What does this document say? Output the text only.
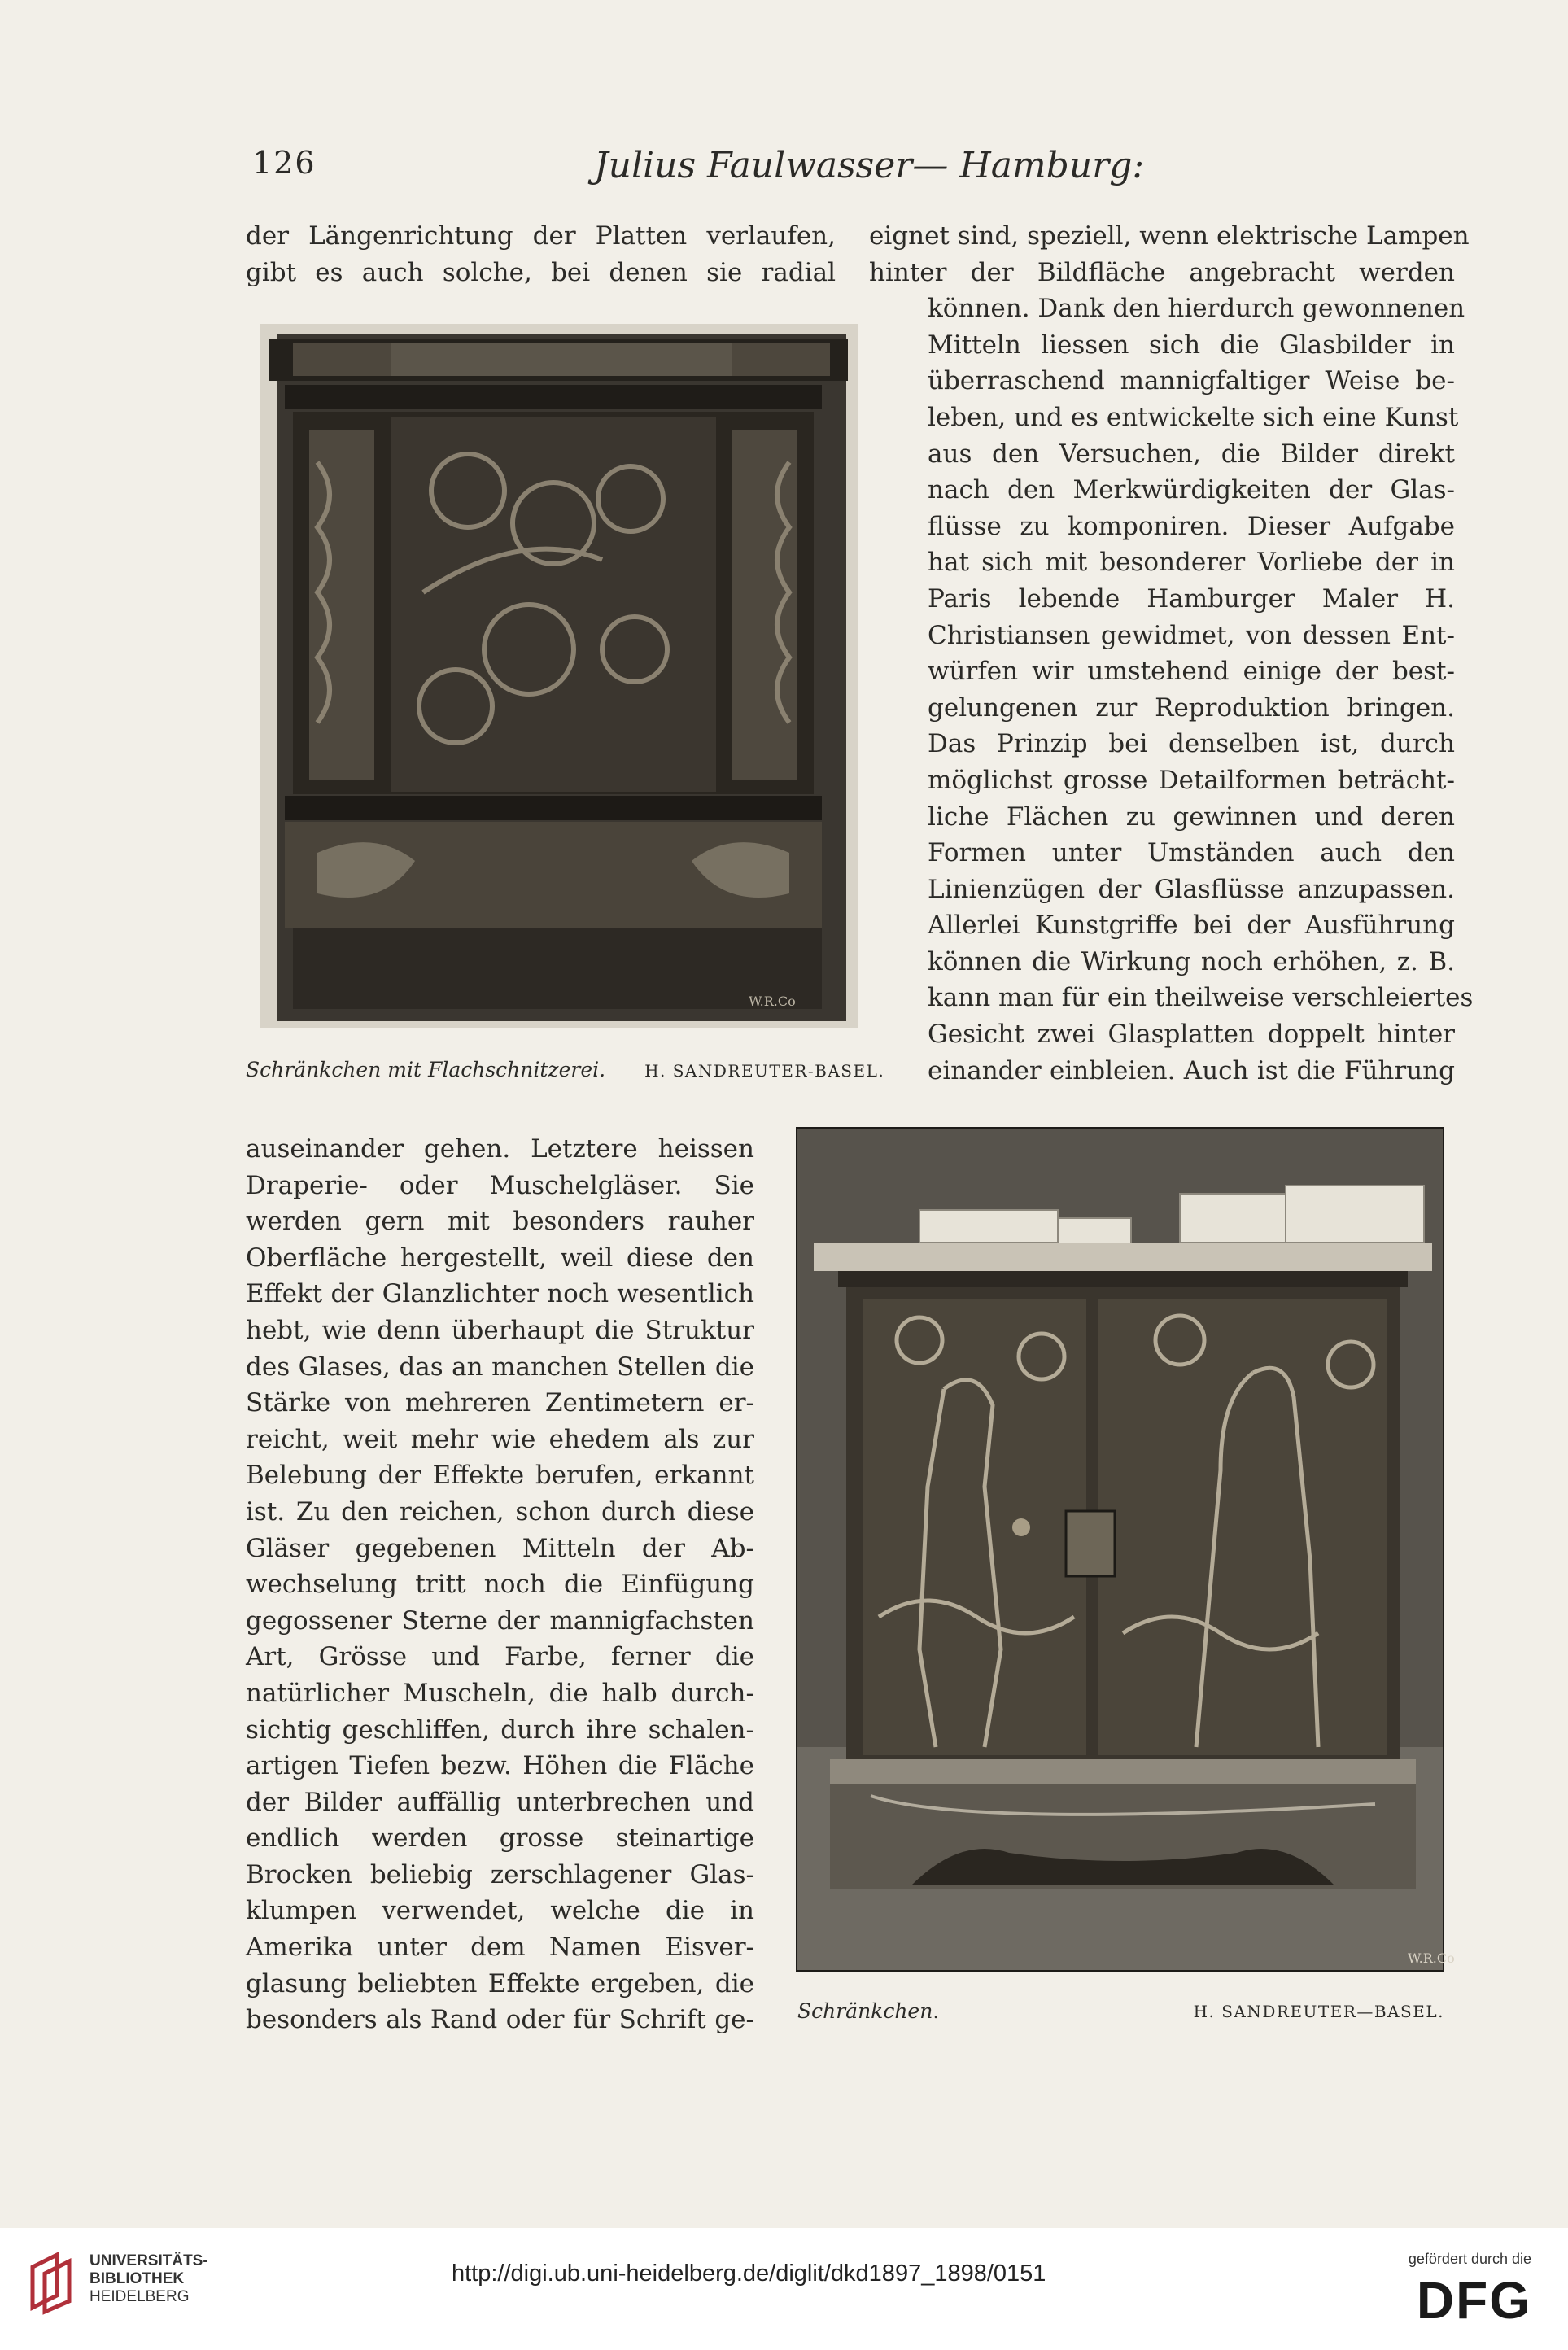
126	Julius Faulwasser— Hamburg:
der Längenrichtung der Platten verlaufen,
gibt es auch solche, bei denen sie radial
eignet sind, speziell, wenn elektrische Lampen
hinter der Bildfläche angebracht werden
können. Dank den hierdurch gewonnenen
Mitteln liessen sich die Glasbilder in
überraschend mannigfaltiger Weise be-
leben, und es entwickelte sich eine Kunst
aus den Versuchen, die Bilder direkt
nach den Merkwürdigkeiten der Glas-
flüsse zu komponiren. Dieser Aufgabe
hat sich mit besonderer Vorliebe der in
Paris lebende Hamburger Maler H.
Christiansen gewidmet, von dessen Ent-
würfen wir umstehend einige der best-
gelungenen zur Reproduktion bringen.
Das Prinzip bei denselben ist, durch
möglichst grosse Detailformen beträcht-
liche Flächen zu gewinnen und deren
Formen unter Umständen auch den
Linienzügen der Glasflüsse anzupassen.
Allerlei Kunstgriffe bei der Ausführung
können die Wirkung noch erhöhen, z. B.
kann man für ein theilweise verschleiertes
Gesicht zwei Glasplatten doppelt hinter
einander einbleien. Auch ist die Führung
W.R.Co
Schränkchen mit Flachschnitzerei. H. SANDREUTER-BASEL.
auseinander gehen. Letztere heissen
Draperie- oder Muschelgläser. Sie
werden gern mit besonders rauher
Oberfläche hergestellt, weil diese den
Effekt der Glanzlichter noch wesentlich
hebt, wie denn überhaupt die Struktur
des Glases, das an manchen Stellen die
Stärke von mehreren Zentimetern er-
reicht, weit mehr wie ehedem als zur
Belebung der Effekte berufen, erkannt
ist. Zu den reichen, schon durch diese
Gläser gegebenen Mitteln der Ab-
wechselung tritt noch die Einfügung
gegossener Sterne der mannigfachsten
Art, Grösse und Farbe, ferner die
natürlicher Muscheln, die halb durch-
sichtig geschliffen, durch ihre schalen-
artigen Tiefen bezw. Höhen die Fläche
der Bilder auffällig unterbrechen und
endlich werden grosse steinartige
Brocken beliebig zerschlagener Glas-
klumpen verwendet, welche die in
Amerika unter dem Namen Eisver-
glasung beliebten Effekte ergeben, die
besonders als Rand oder für Schrift ge-
W.R.Co
Schränkchen.	H. SANDREUTER—BASEL.
UNIVERSITÄTS-
BIBLIOTHEK
HEIDELBERG
http://digi.ub.uni-heidelberg.de/diglit/dkd1897_1898/0151
gefördert durch die
DFG
